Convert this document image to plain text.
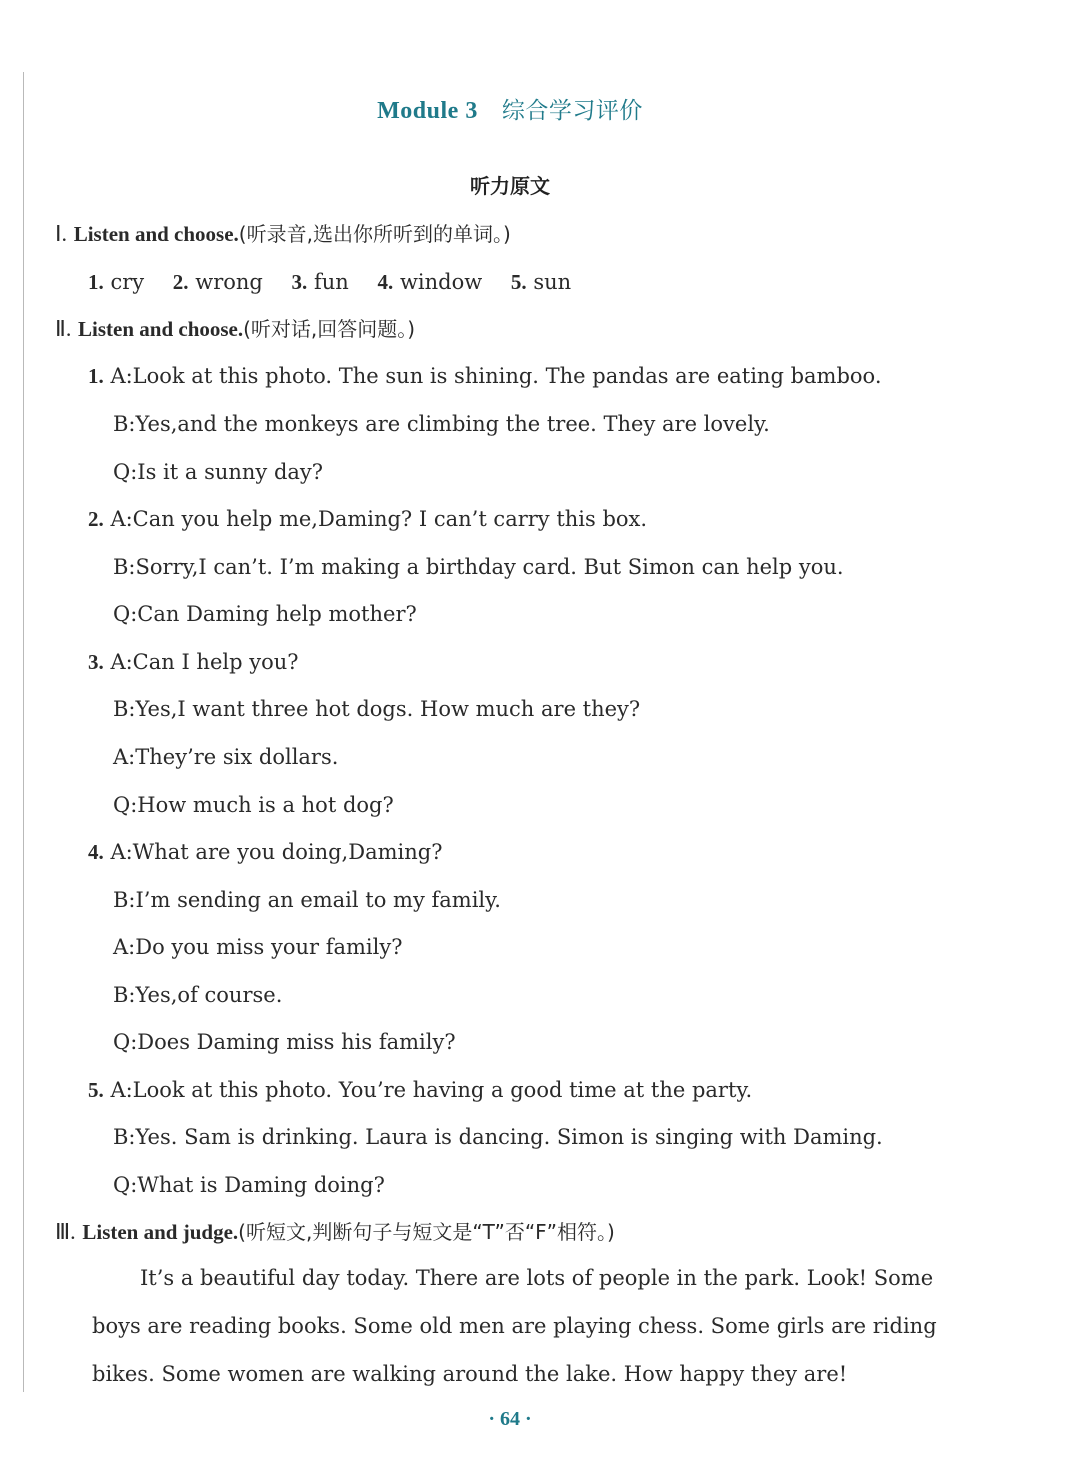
Module 3 综合学习评价
听力原文
Ⅰ. Listen and choose.(听录音,选出你所听到的单词。)
1. cry 2. wrong 3. fun 4. window 5. sun
Ⅱ. Listen and choose.(听对话,回答问题。)
1. A:Look at this photo. The sun is shining. The pandas are eating bamboo.
B:Yes,and the monkeys are climbing the tree. They are lovely.
Q:Is it a sunny day?
2. A:Can you help me,Daming? I can’t carry this box.
B:Sorry,I can’t. I’m making a birthday card. But Simon can help you.
Q:Can Daming help mother?
3. A:Can I help you?
B:Yes,I want three hot dogs. How much are they?
A:They’re six dollars.
Q:How much is a hot dog?
4. A:What are you doing,Daming?
B:I’m sending an email to my family.
A:Do you miss your family?
B:Yes,of course.
Q:Does Daming miss his family?
5. A:Look at this photo. You’re having a good time at the party.
B:Yes. Sam is drinking. Laura is dancing. Simon is singing with Daming.
Q:What is Daming doing?
Ⅲ. Listen and judge.(听短文,判断句子与短文是“T”否“F”相符。)
It’s a beautiful day today. There are lots of people in the park. Look! Some boys are reading books. Some old men are playing chess. Some girls are riding bikes. Some women are walking around the lake. How happy they are!
· 64 ·
